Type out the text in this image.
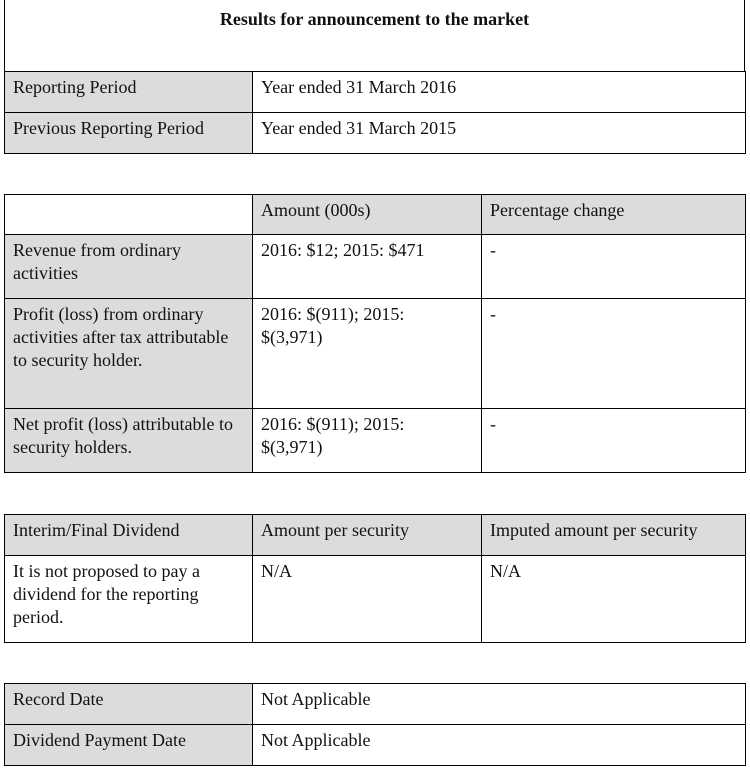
Results for announcement to the market
Reporting Period	Year ended 31 March 2016

Previous Reporting Period	Year ended 31 March 2015

	Amount (000s)	Percentage change

Revenue from ordinary activities	2016: $12; 2015: $471	-

Profit (loss) from ordinary activities after tax attributable to security holder.	2016: $(911); 2015: $(3,971)	-

Net profit (loss) attributable to security holders.	2016: $(911); 2015: $(3,971)	-
Interim/Final Dividend	Amount per security	Imputed amount per security

It is not proposed to pay a dividend for the reporting period.	N/A	N/A
Record Date	Not Applicable

Dividend Payment Date	Not Applicable
